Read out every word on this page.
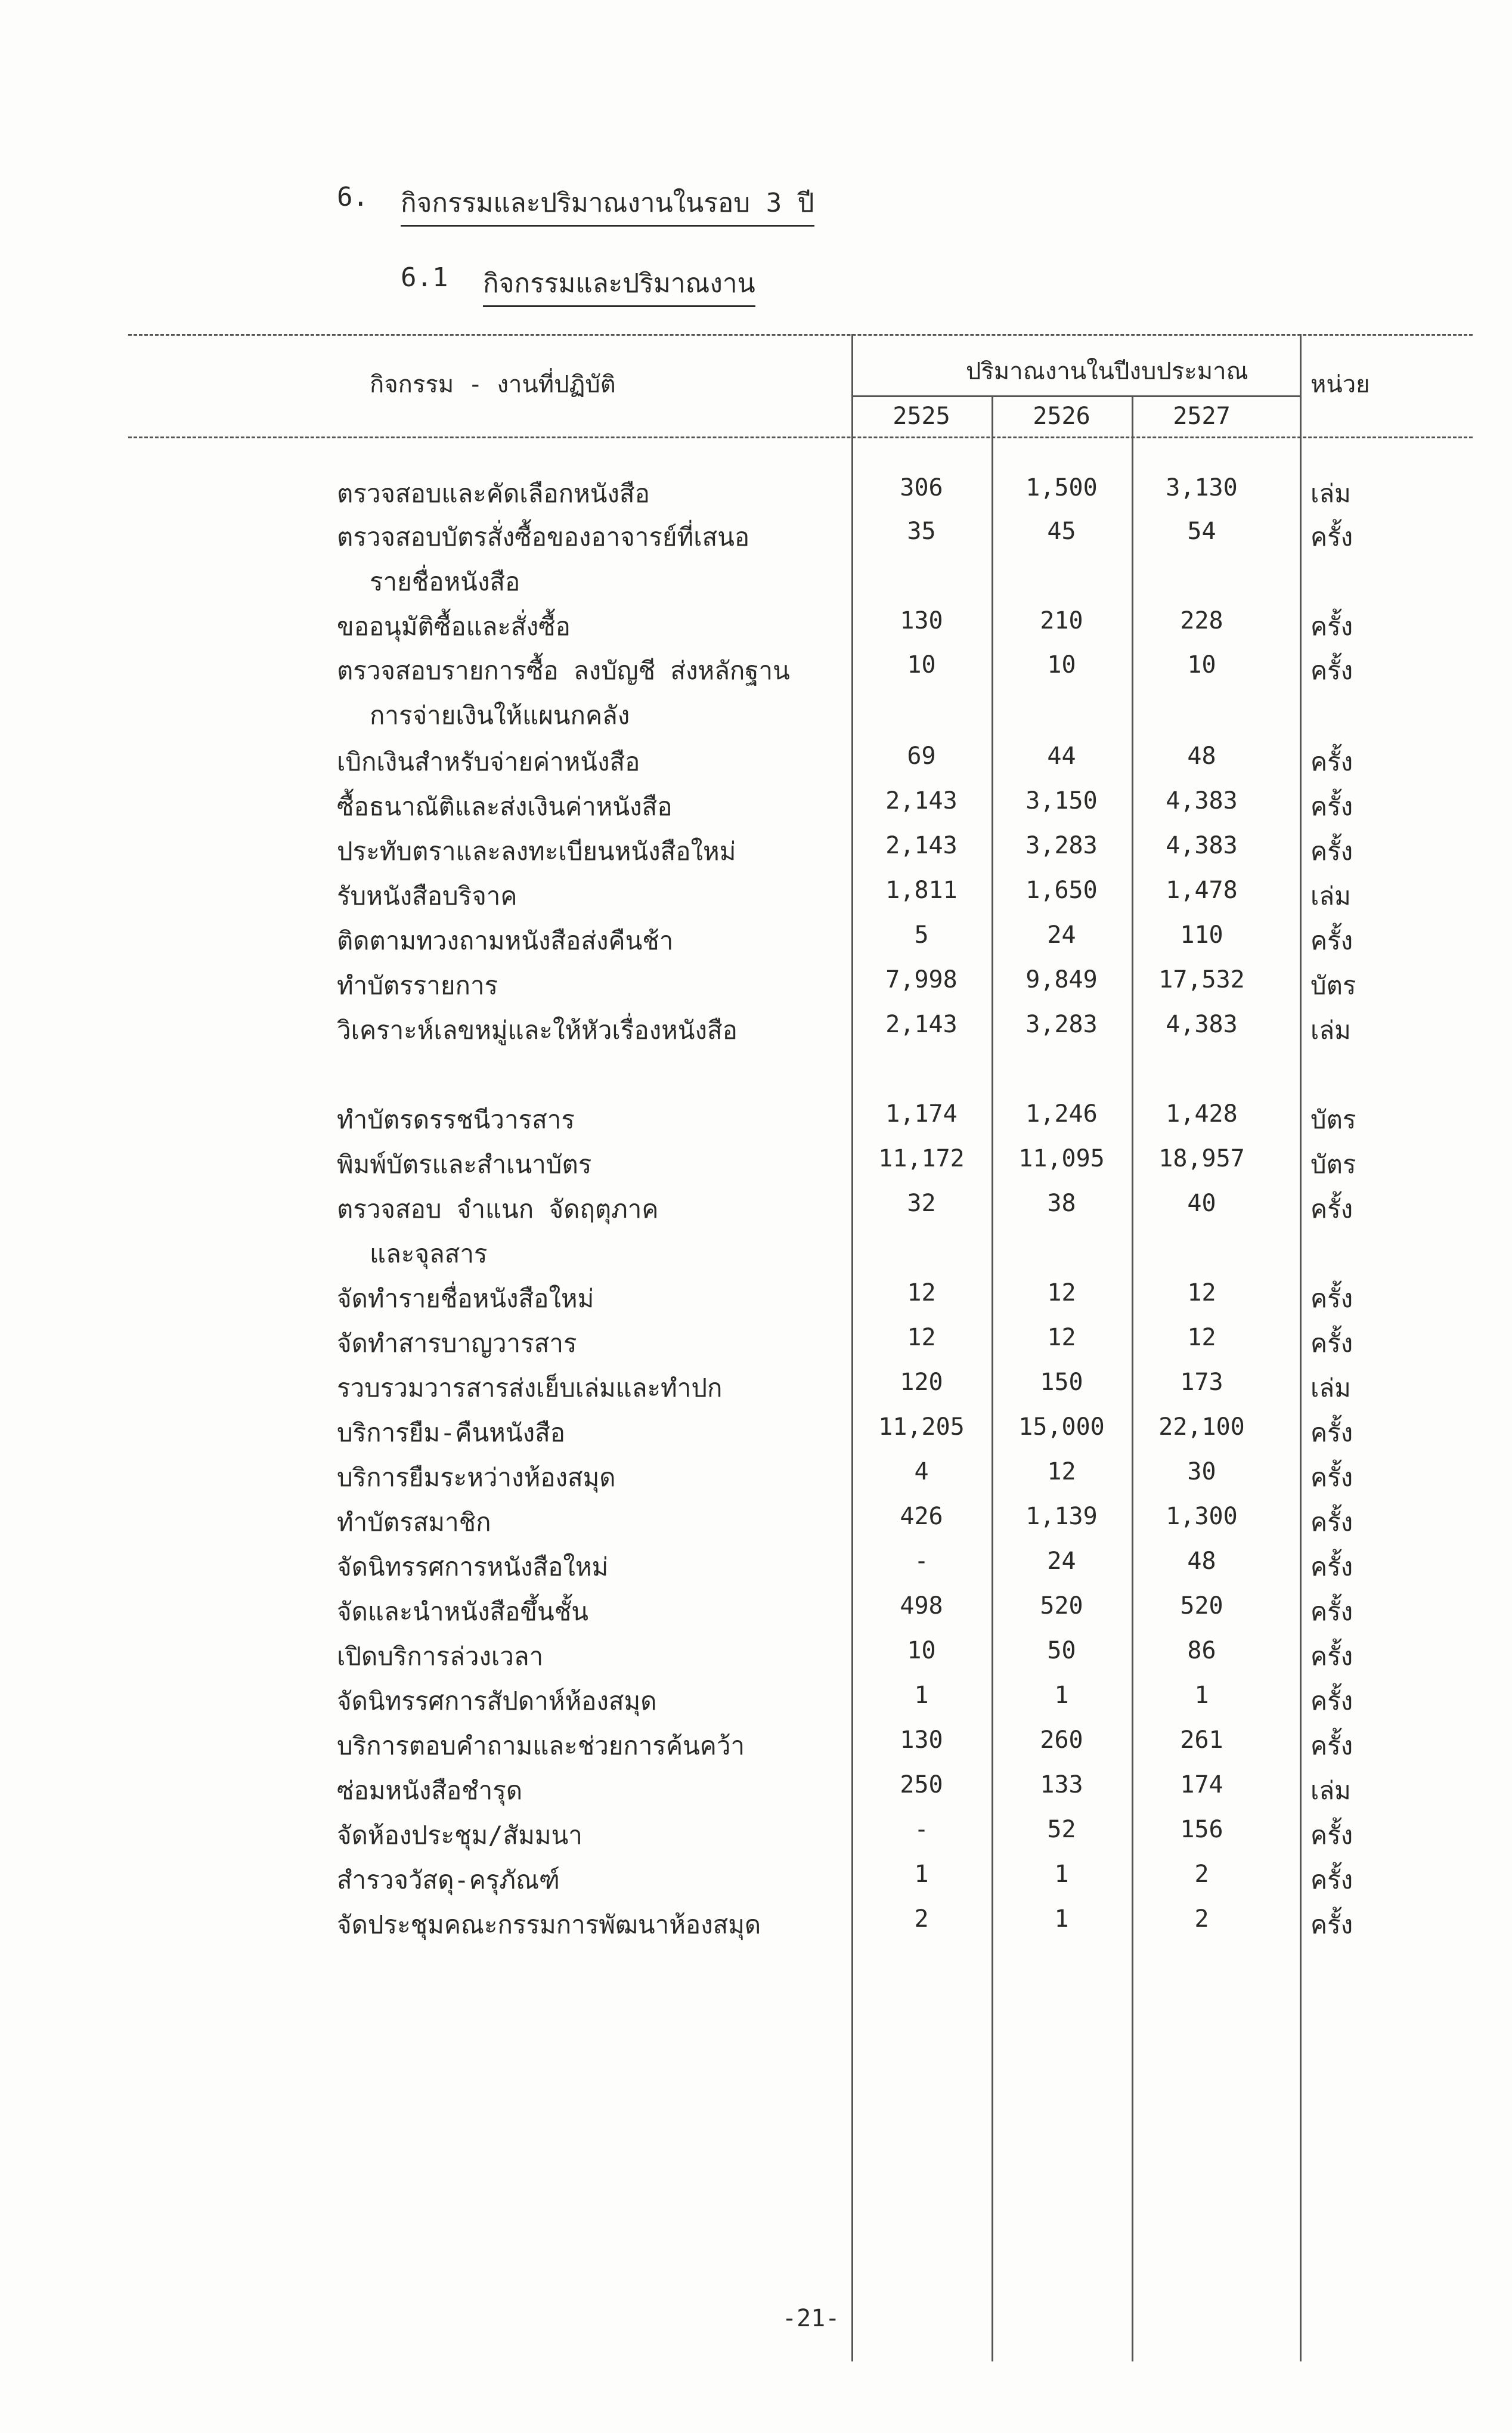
6. กิจกรรมและปริมาณงานในรอบ 3 ปี
6.1 กิจกรรมและปริมาณงาน
กิจกรรม - งานที่ปฏิบัติ	ปริมาณงานในปีงบประมาณ	หน่วย
2525	2526	2527
ตรวจสอบและคัดเลือกหนังสือ	306	1,500	3,130	เล่ม
ตรวจสอบบัตรสั่งซื้อของอาจารย์ที่เสนอ
รายชื่อหนังสือ
35	45	54	ครั้ง
ขออนุมัติซื้อและสั่งซื้อ	130	210	228	ครั้ง
ตรวจสอบรายการซื้อ ลงบัญชี ส่งหลักฐาน
การจ่ายเงินให้แผนกคลัง
10	10	10	ครั้ง
เบิกเงินสำหรับจ่ายค่าหนังสือ	69	44	48	ครั้ง
ซื้อธนาณัติและส่งเงินค่าหนังสือ	2,143	3,150	4,383	ครั้ง
ประทับตราและลงทะเบียนหนังสือใหม่	2,143	3,283	4,383	ครั้ง
รับหนังสือบริจาค	1,811	1,650	1,478	เล่ม
ติดตามทวงถามหนังสือส่งคืนช้า	5	24	110	ครั้ง
ทำบัตรรายการ	7,998	9,849	17,532	บัตร
วิเคราะห์เลขหมู่และให้หัวเรื่องหนังสือ	2,143	3,283	4,383	เล่ม
ทำบัตรดรรชนีวารสาร	1,174	1,246	1,428	บัตร
พิมพ์บัตรและสำเนาบัตร	11,172	11,095	18,957	บัตร
ตรวจสอบ จำแนก จัดฤตุภาค
และจุลสาร
32	38	40	ครั้ง
จัดทำรายชื่อหนังสือใหม่	12	12	12	ครั้ง
จัดทำสารบาญวารสาร	12	12	12	ครั้ง
รวบรวมวารสารส่งเย็บเล่มและทำปก	120	150	173	เล่ม
บริการยืม-คืนหนังสือ	11,205	15,000	22,100	ครั้ง
บริการยืมระหว่างห้องสมุด	4	12	30	ครั้ง
ทำบัตรสมาชิก	426	1,139	1,300	ครั้ง
จัดนิทรรศการหนังสือใหม่	-	24	48	ครั้ง
จัดและนำหนังสือขึ้นชั้น	498	520	520	ครั้ง
เปิดบริการล่วงเวลา	10	50	86	ครั้ง
จัดนิทรรศการสัปดาห์ห้องสมุด	1	1	1	ครั้ง
บริการตอบคำถามและช่วยการค้นคว้า	130	260	261	ครั้ง
ซ่อมหนังสือชำรุด	250	133	174	เล่ม
จัดห้องประชุม/สัมมนา	-	52	156	ครั้ง
สำรวจวัสดุ-ครุภัณฑ์	1	1	2	ครั้ง
จัดประชุมคณะกรรมการพัฒนาห้องสมุด	2	1	2	ครั้ง
-21-
